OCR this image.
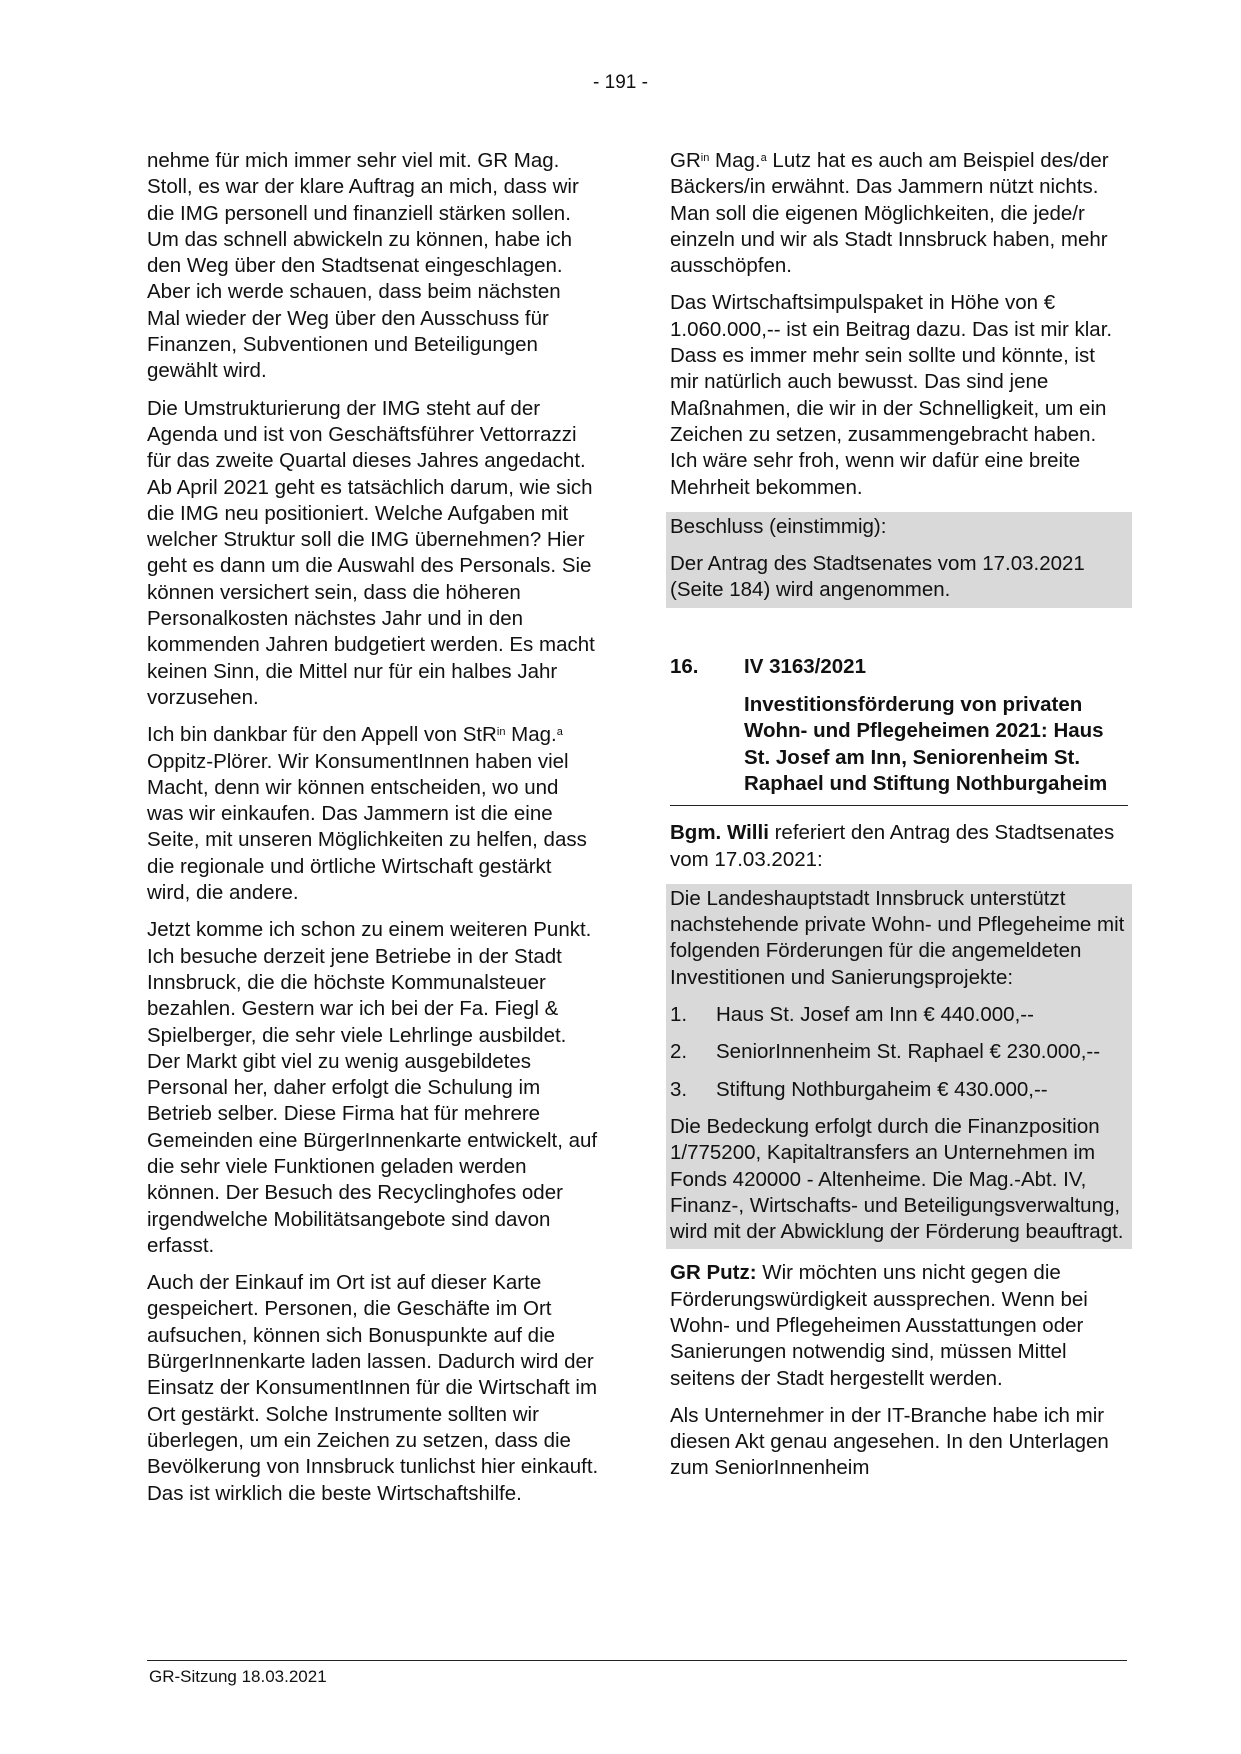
- 191 -

nehme für mich immer sehr viel mit. GR Mag. Stoll, es war der klare Auftrag an mich, dass wir die IMG personell und finanziell stärken sollen. Um das schnell abwickeln zu können, habe ich den Weg über den Stadtsenat eingeschlagen. Aber ich werde schauen, dass beim nächsten Mal wieder der Weg über den Ausschuss für Finanzen, Subventionen und Beteiligungen gewählt wird.

Die Umstrukturierung der IMG steht auf der Agenda und ist von Geschäftsführer Vettorrazzi für das zweite Quartal dieses Jahres angedacht. Ab April 2021 geht es tatsächlich darum, wie sich die IMG neu positioniert. Welche Aufgaben mit welcher Struktur soll die IMG übernehmen? Hier geht es dann um die Auswahl des Personals. Sie können versichert sein, dass die höheren Personalkosten nächstes Jahr und in den kommenden Jahren budgetiert werden. Es macht keinen Sinn, die Mittel nur für ein halbes Jahr vorzusehen.

Ich bin dankbar für den Appell von StR$^{in}$ Mag.$^a$ Oppitz-Plörer. Wir KonsumentInnen haben viel Macht, denn wir können entscheiden, wo und was wir einkaufen. Das Jammern ist die eine Seite, mit unseren Möglichkeiten zu helfen, dass die regionale und örtliche Wirtschaft gestärkt wird, die andere.

Jetzt komme ich schon zu einem weiteren Punkt. Ich besuche derzeit jene Betriebe in der Stadt Innsbruck, die die höchste Kommunalsteuer bezahlen. Gestern war ich bei der Fa. Fiegl & Spielberger, die sehr viele Lehrlinge ausbildet. Der Markt gibt viel zu wenig ausgebildetes Personal her, daher erfolgt die Schulung im Betrieb selber. Diese Firma hat für mehrere Gemeinden eine BürgerInnenkarte entwickelt, auf die sehr viele Funktionen geladen werden können. Der Besuch des Recyclinghofes oder irgendwelche Mobilitätsangebote sind davon erfasst.

Auch der Einkauf im Ort ist auf dieser Karte gespeichert. Personen, die Geschäfte im Ort aufsuchen, können sich Bonuspunkte auf die BürgerInnenkarte laden lassen. Dadurch wird der Einsatz der KonsumentInnen für die Wirtschaft im Ort gestärkt. Solche Instrumente sollten wir überlegen, um ein Zeichen zu setzen, dass die Bevölkerung von Innsbruck tunlichst hier einkauft. Das ist wirklich die beste Wirtschaftshilfe.

$GR^{in}$ Mag.$^a$ Lutz hat es auch am Beispiel des/der Bäckers/in erwähnt. Das Jammern nützt nichts. Man soll die eigenen Möglichkeiten, die jede/r einzeln und wir als Stadt Innsbruck haben, mehr ausschöpfen.

Das Wirtschaftsimpulspaket in Höhe von € 1.060.000,-- ist ein Beitrag dazu. Das ist mir klar. Dass es immer mehr sein sollte und könnte, ist mir natürlich auch bewusst. Das sind jene Maßnahmen, die wir in der Schnelligkeit, um ein Zeichen zu setzen, zusammengebracht haben. Ich wäre sehr froh, wenn wir dafür eine breite Mehrheit bekommen.

Beschluss (einstimmig):

Der Antrag des Stadtsenates vom 17.03.2021 (Seite 184) wird angenommen.

16.	IV 3163/2021
Investitionsförderung von privaten Wohn- und Pflegeheimen 2021: Haus St. Josef am Inn, Seniorenheim St. Raphael und Stiftung Nothburgaheim

Bgm. Willi referiert den Antrag des Stadtsenates vom 17.03.2021:

Die Landeshauptstadt Innsbruck unterstützt nachstehende private Wohn- und Pflegeheime mit folgenden Förderungen für die angemeldeten Investitionen und Sanierungsprojekte:

1.	Haus St. Josef am Inn € 440.000,--
2.	SeniorInnenheim St. Raphael € 230.000,--
3.	Stiftung Nothburgaheim € 430.000,--

Die Bedeckung erfolgt durch die Finanzposition 1/775200, Kapitaltransfers an Unternehmen im Fonds 420000 - Altenheime. Die Mag.-Abt. IV, Finanz-, Wirtschafts- und Beteiligungsverwaltung, wird mit der Abwicklung der Förderung beauftragt.

GR Putz: Wir möchten uns nicht gegen die Förderungswürdigkeit aussprechen. Wenn bei Wohn- und Pflegeheimen Ausstattungen oder Sanierungen notwendig sind, müssen Mittel seitens der Stadt hergestellt werden.

Als Unternehmer in der IT-Branche habe ich mir diesen Akt genau angesehen. In den Unterlagen zum SeniorInnenheim

GR-Sitzung 18.03.2021
